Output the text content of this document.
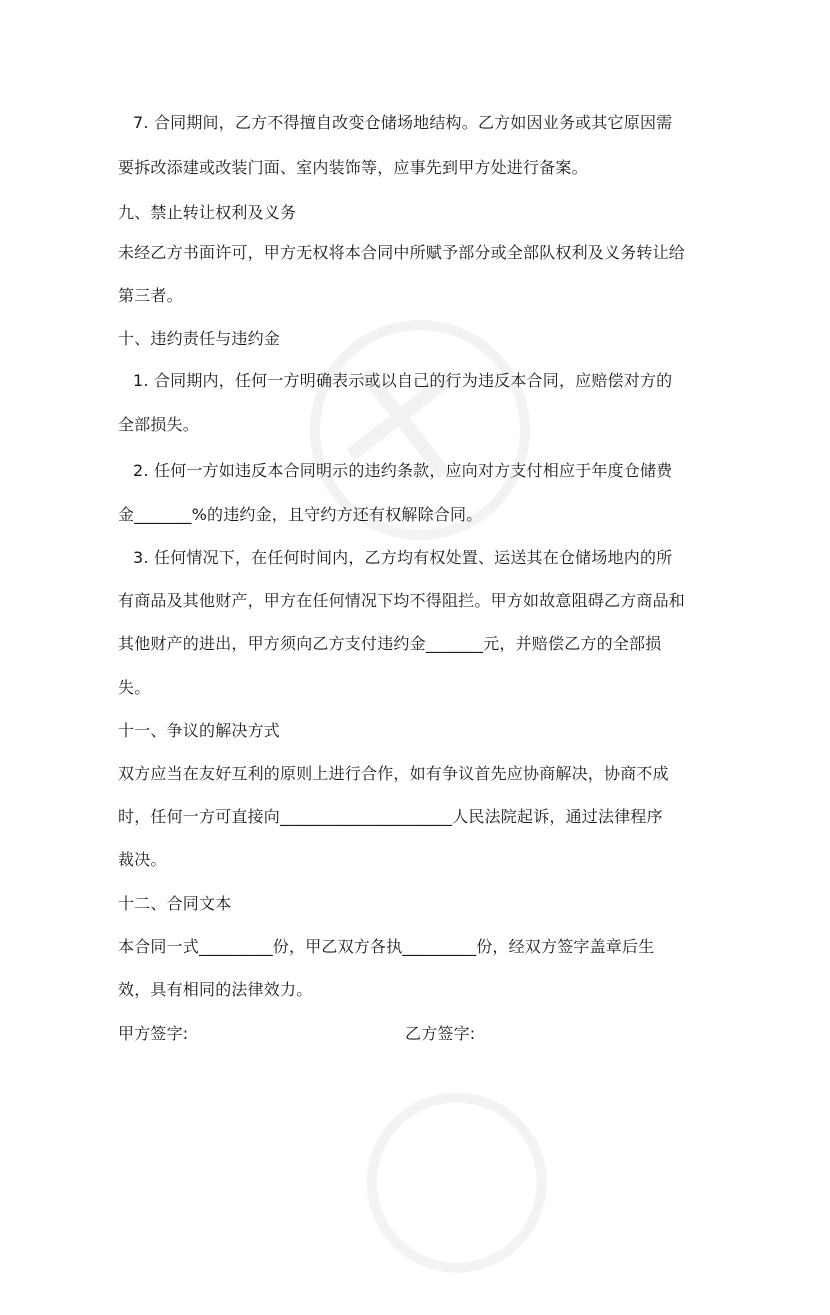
7. 合同期间，乙方不得擅自改变仓储场地结构。乙方如因业务或其它原因需
要拆改添建或改装门面、室内装饰等，应事先到甲方处进行备案。
九、禁止转让权利及义务
未经乙方书面许可，甲方无权将本合同中所赋予部分或全部队权利及义务转让给
第三者。
十、违约责任与违约金
1. 合同期内，任何一方明确表示或以自己的行为违反本合同，应赔偿对方的
全部损失。
2. 任何一方如违反本合同明示的违约条款，应向对方支付相应于年度仓储费
金_______%的违约金，且守约方还有权解除合同。
3. 任何情况下，在任何时间内，乙方均有权处置、运送其在仓储场地内的所
有商品及其他财产，甲方在任何情况下均不得阻拦。甲方如故意阻碍乙方商品和
其他财产的进出，甲方须向乙方支付违约金_______元，并赔偿乙方的全部损
失。
十一、争议的解决方式
双方应当在友好互利的原则上进行合作，如有争议首先应协商解决，协商不成
时，任何一方可直接向_____________________人民法院起诉，通过法律程序
裁决。
十二、合同文本
本合同一式_________份，甲乙双方各执_________份，经双方签字盖章后生
效，具有相同的法律效力。
甲方签字:	乙方签字:
